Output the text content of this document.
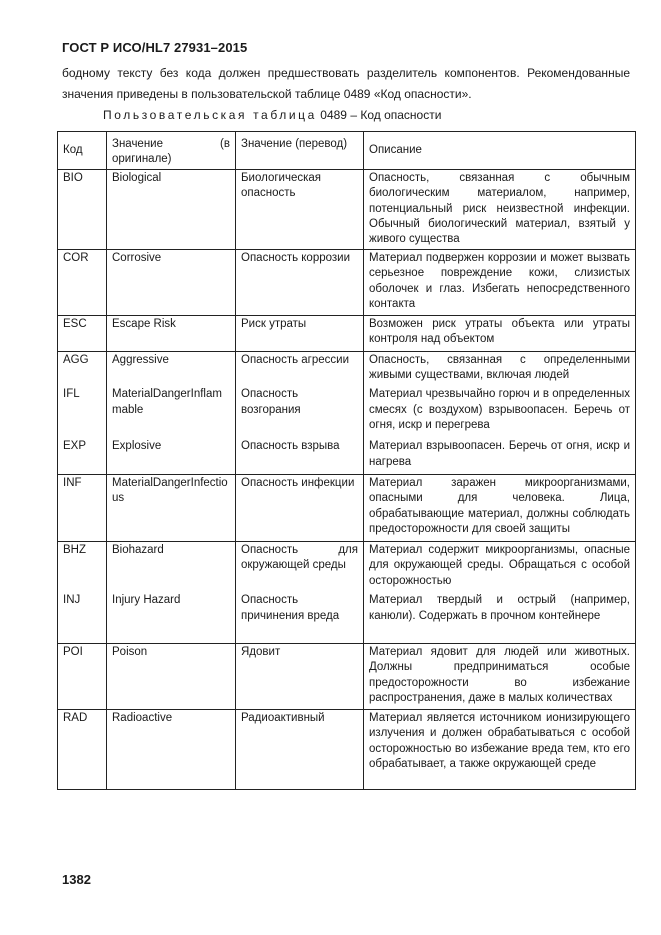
ГОСТ Р ИСО/HL7 27931–2015
бодному тексту без кода должен предшествовать разделитель компонентов. Рекомендованные значения приведены в пользовательской таблице 0489 «Код опасности».
Пользовательская таблица 0489 – Код опасности
Код	Значение (в оригинале)	Значение (перевод)	Описание
BIO	Biological	Биологическая опасность	Опасность, связанная с обычным биологическим материалом, например, потенциальный риск неизвестной инфекции. Обычный биологический материал, взятый у живого существа
COR	Corrosive	Опасность коррозии	Материал подвержен коррозии и может вызвать серьезное повреждение кожи, слизистых оболочек и глаз. Избегать непосредственного контакта
ESC	Escape Risk	Риск утраты	Возможен риск утраты объекта или утраты контроля над объектом
AGG	Aggressive	Опасность агрессии	Опасность, связанная с определенными живыми существами, включая людей
IFL	MaterialDangerInflammable	Опасность возгорания	Материал чрезвычайно горюч и в определенных смесях (с воздухом) взрывоопасен. Беречь от огня, искр и перегрева
EXP	Explosive	Опасность взрыва	Материал взрывоопасен. Беречь от огня, искр и нагрева
INF	MaterialDangerInfectious	Опасность инфекции	Материал заражен микроорганизмами, опасными для человека. Лица, обрабатывающие материал, должны соблюдать предосторожности для своей защиты
BHZ	Biohazard	Опасность для окружающей среды	Материал содержит микроорганизмы, опасные для окружающей среды. Обращаться с особой осторожностью
INJ	Injury Hazard	Опасность причинения вреда	Материал твердый и острый (например, канюли). Содержать в прочном контейнере
POI	Poison	Ядовит	Материал ядовит для людей или животных. Должны предприниматься особые предосторожности во избежание распространения, даже в малых количествах
RAD	Radioactive	Радиоактивный	Материал является источником ионизирующего излучения и должен обрабатываться с особой осторожностью во избежание вреда тем, кто его обрабатывает, а также окружающей среде
1382
